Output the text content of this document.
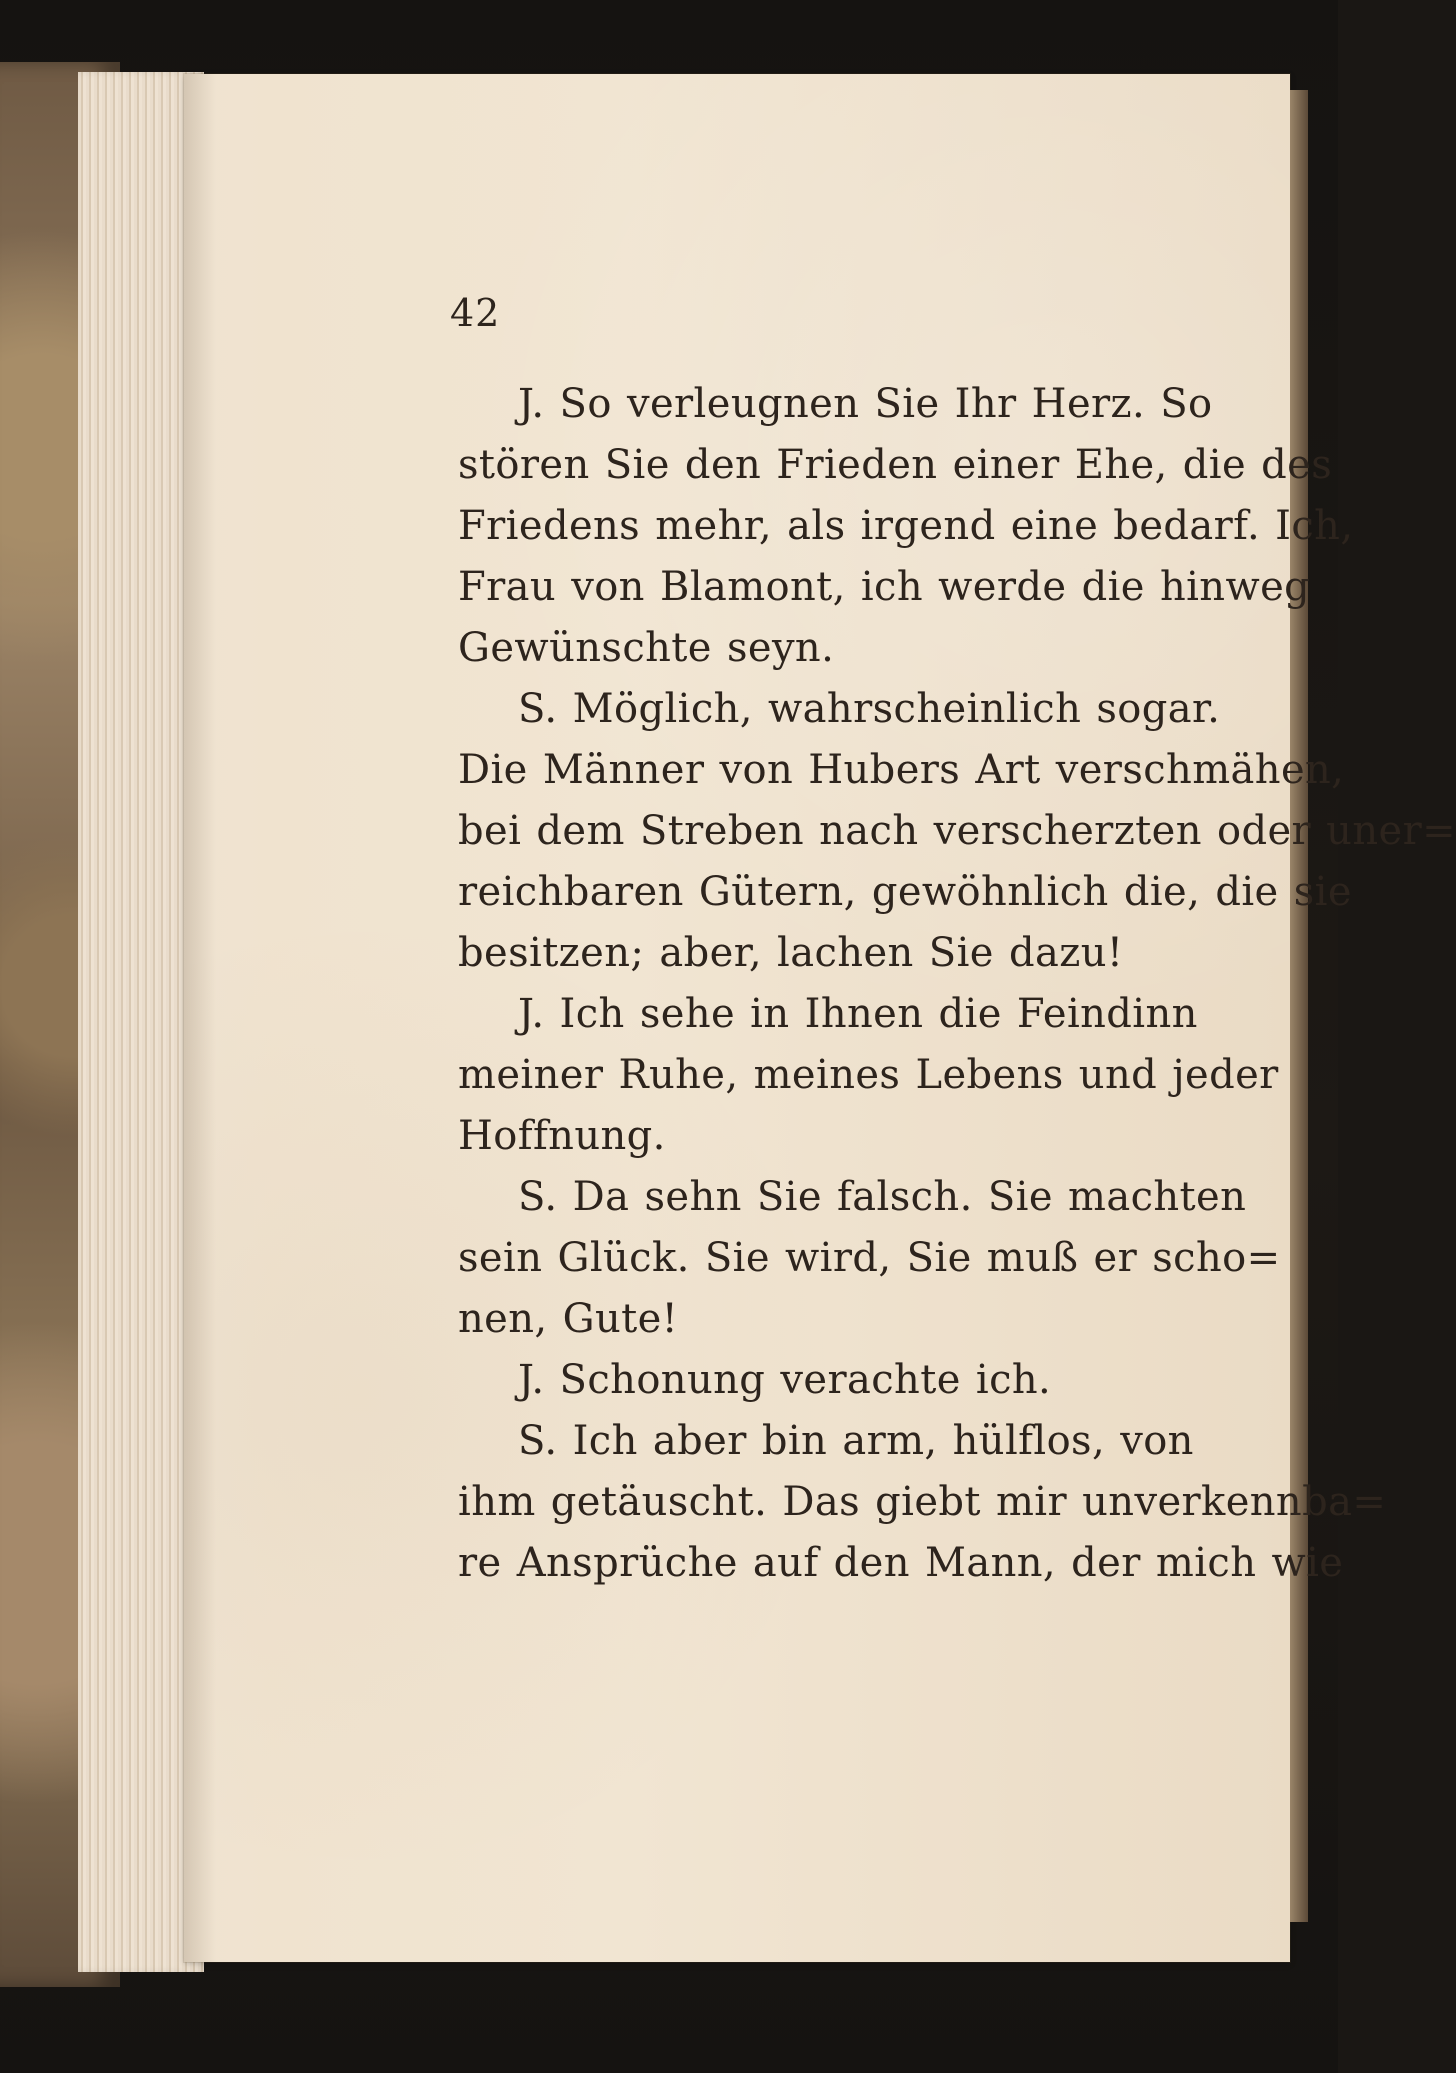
42
J. So verleugnen Sie Ihr Herz. So
stören Sie den Frieden einer Ehe, die des
Friedens mehr, als irgend eine bedarf. Ich,
Frau von Blamont, ich werde die hinweg
Gewünschte seyn.
S. Möglich, wahrscheinlich sogar.
Die Männer von Hubers Art verschmähen,
bei dem Streben nach verscherzten oder uner=
reichbaren Gütern, gewöhnlich die, die sie
besitzen; aber, lachen Sie dazu!
J. Ich sehe in Ihnen die Feindinn
meiner Ruhe, meines Lebens und jeder
Hoffnung.
S. Da sehn Sie falsch. Sie machten
sein Glück. Sie wird, Sie muß er scho=
nen, Gute!
J. Schonung verachte ich.
S. Ich aber bin arm, hülflos, von
ihm getäuscht. Das giebt mir unverkennba=
re Ansprüche auf den Mann, der mich wie
